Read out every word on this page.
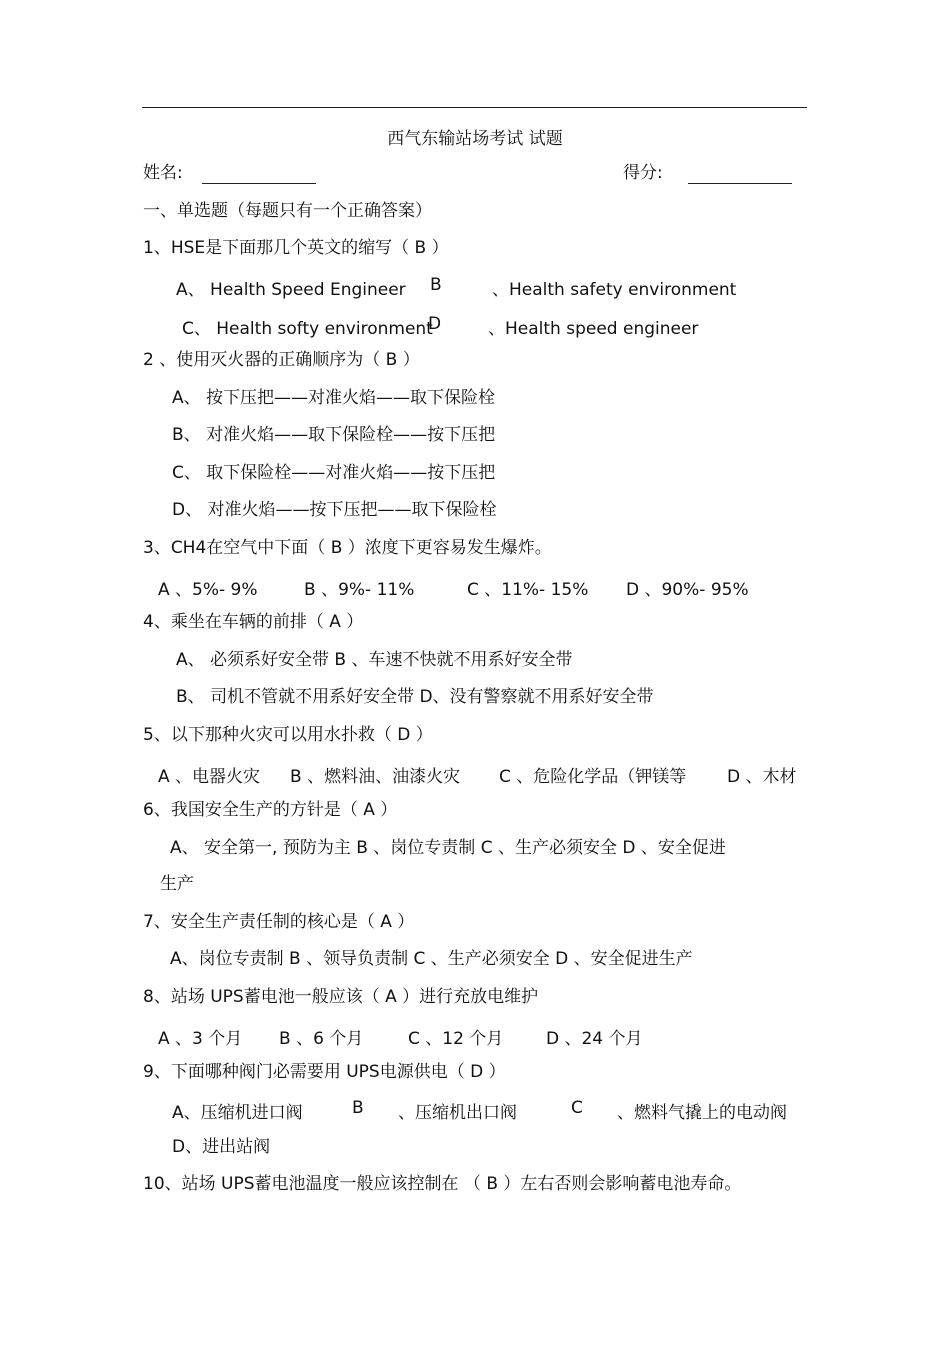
西气东输站场考试 试题
姓名:	得分:
一、单选题（每题只有一个正确答案）
1、HSE是下面那几个英文的缩写（ B ）
A、 Health Speed Engineer B	、Health safety environment
C、 Health softy environment
D	、Health speed engineer
2 、使用灭火器的正确顺序为（ B ）
A、 按下压把——对准火焰——取下保险栓
B、 对准火焰——取下保险栓——按下压把
C、 取下保险栓——对准火焰——按下压把
D、 对准火焰——按下压把——取下保险栓
3、CH4在空气中下面（ B ）浓度下更容易发生爆炸。
A 、5%- 9%	B 、9%- 11%	C 、11%- 15% D 、90%- 95%
4、乘坐在车辆的前排（ A ）
A、 必须系好安全带 B 、车速不快就不用系好安全带
B、 司机不管就不用系好安全带 D、没有警察就不用系好安全带
5、以下那种火灾可以用水扑救（ D ）
A 、电器火灾 B 、燃料油、油漆火灾 C 、危险化学品（钾镁等 D 、木材
6、我国安全生产的方针是（ A ）
A、 安全第一, 预防为主 B 、岗位专责制 C 、生产必须安全 D 、安全促进
生产
7、安全生产责任制的核心是（ A ）
A、岗位专责制 B 、领导负责制 C 、生产必须安全 D 、安全促进生产
8、站场 UPS蓄电池一般应该（ A ）进行充放电维护
A 、3 个月 B 、6 个月	C 、12 个月	D 、24 个月
9、下面哪种阀门必需要用 UPS电源供电（ D ）
A、压缩机进口阀	B 、压缩机出口阀	C 、燃料气撬上的电动阀
D、进出站阀
10、站场 UPS蓄电池温度一般应该控制在 （ B ）左右否则会影响蓄电池寿命。
